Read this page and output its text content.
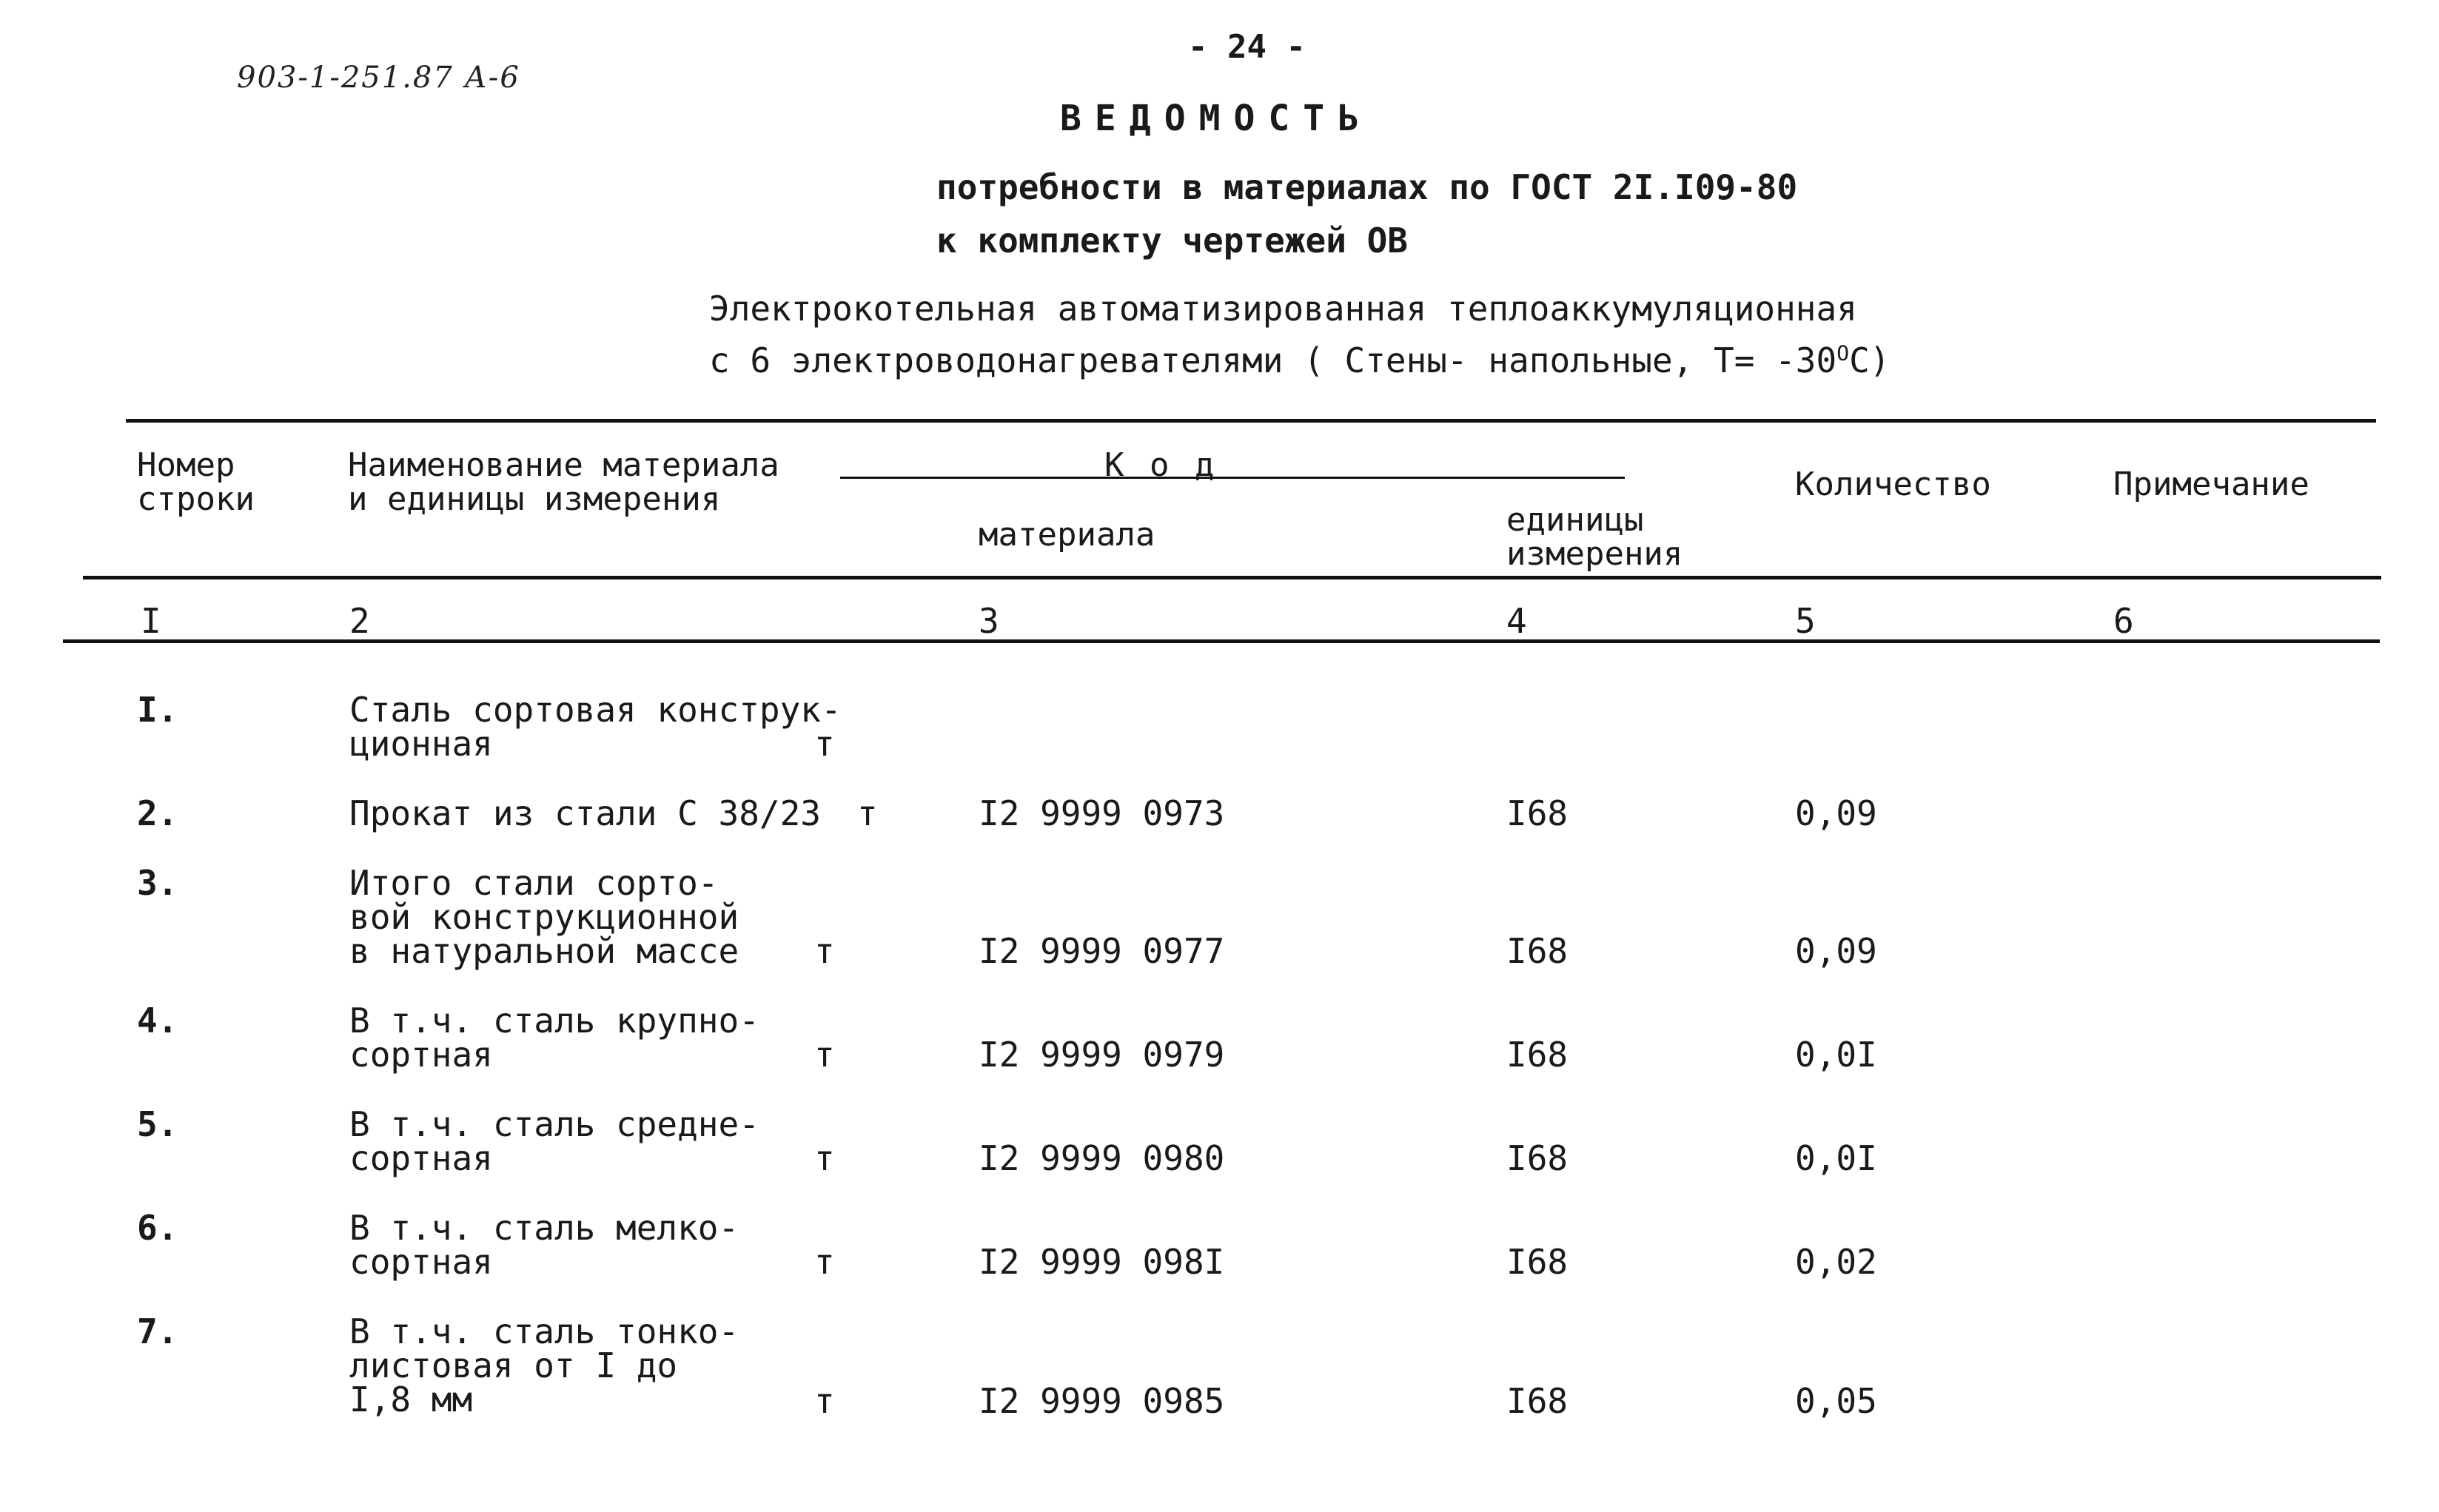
903-1-251.87 А-6
- 24 -
ВЕДОМОСТЬ
потребности в материалах по ГОСТ 2I.I09-80
к комплекту чертежей ОВ
Электрокотельная автоматизированная теплоаккумуляционная
с 6 электроводонагревателями ( Стены- напольные, $Т= -30^ОС$)
Номер
строки
Наименование материала
и единицы измерения
К о д
материала	единицы
измерения
Количество	Примечание
I	2	3	4	5	6
I.	Сталь сортовая конструк-
ционная	т
2.	Прокат из стали С 38/23 т	I2 9999 0973	I68	0,09
3.	Итого стали сорто-
вой конструкционной
в натуральной массе т	I2 9999 0977	I68	0,09
4.	В т.ч. сталь крупно-
сортная	т	I2 9999 0979	I68	0,0I
5.	В т.ч. сталь средне-
сортная	т	I2 9999 0980	I68	0,0I
6.	В т.ч. сталь мелко-
сортная	т	I2 9999 098I	I68	0,02
7.	В т.ч. сталь тонко-
листовая от I до
I,8 мм	т	I2 9999 0985	I68	0,05
